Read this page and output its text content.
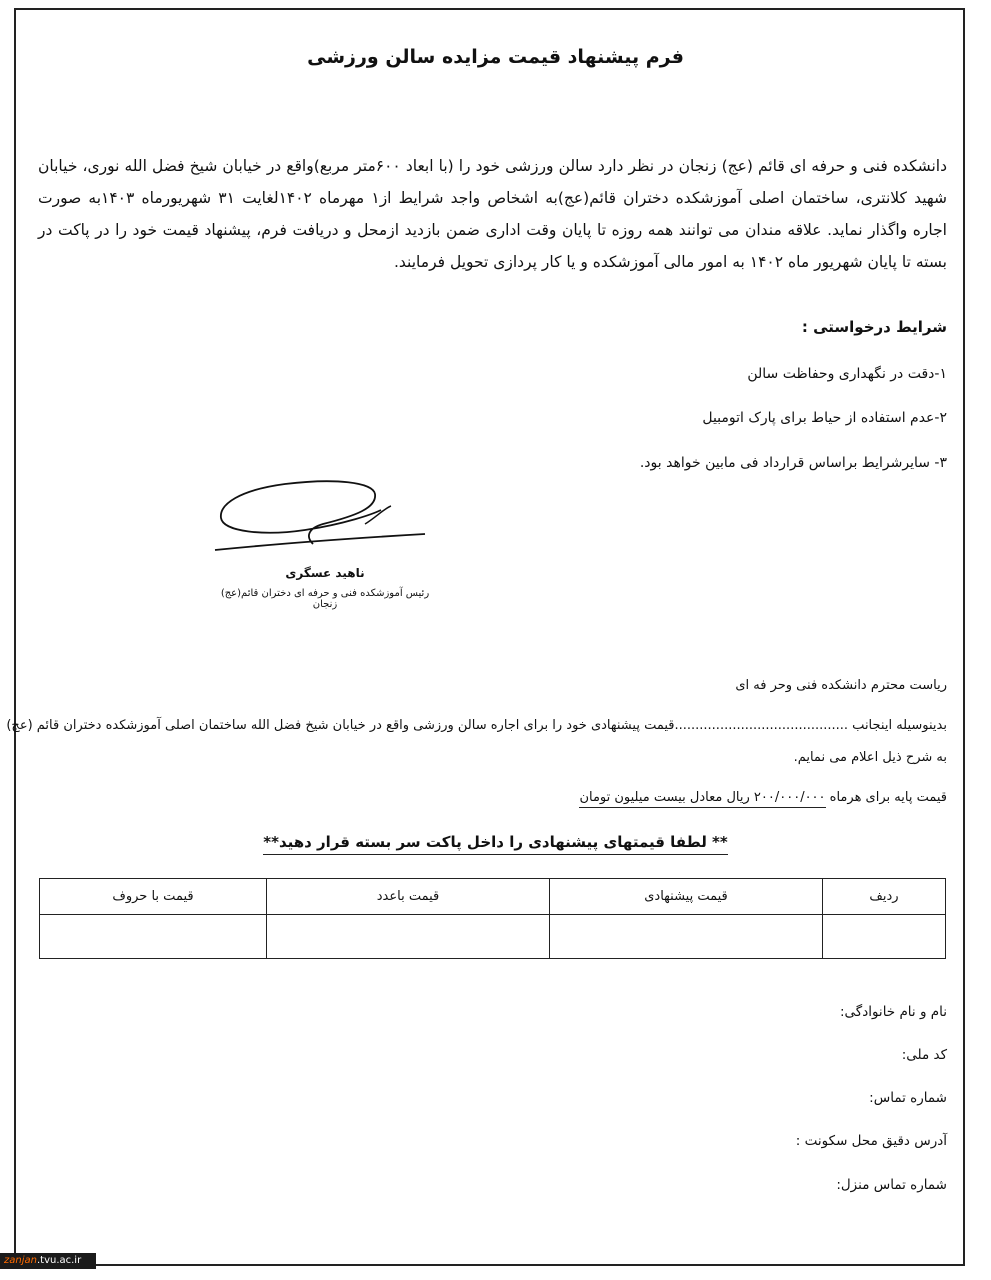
فرم پیشنهاد قیمت مزایده سالن ورزشی
دانشکده فنی و حرفه ای قائم (عج) زنجان در نظر دارد سالن ورزشی خود را (با ابعاد ۶۰۰متر مربع)واقع در خیابان شیخ فضل الله نوری، خیابان شهید کلانتری، ساختمان اصلی آموزشکده دختران قائم(عج)به اشخاص واجد شرایط از۱ مهرماه ۱۴۰۲لغایت ۳۱ شهریورماه ۱۴۰۳به صورت اجاره واگذار نماید. علاقه مندان می توانند همه روزه تا پایان وقت اداری ضمن بازدید ازمحل و دریافت فرم، پیشنهاد قیمت خود را در پاکت در بسته تا پایان شهریور ماه ۱۴۰۲ به امور مالی آموزشکده و یا کار پردازی تحویل فرمایند.
شرایط درخواستی :
۱-دقت در نگهداری وحفاظت سالن
۲-عدم استفاده از حیاط برای پارک اتومبیل
۳- سایرشرایط براساس قرارداد فی مابین خواهد بود.
ناهید عسگری
رئیس آموزشکده فنی و حرفه ای دختران قائم(عج) زنجان
ریاست محترم دانشکده فنی وحر فه ای
بدینوسیله اینجانب ..........................................قیمت پیشنهادی خود را برای اجاره سالن ورزشی واقع در خیابان شیخ فضل الله ساختمان اصلی آموزشکده دختران قائم (عج)
به شرح ذیل اعلام می نمایم.
قیمت پایه برای هرماه ۲۰۰/۰۰۰/۰۰۰ ریال معادل بیست میلیون تومان
** لطفا قیمتهای پیشنهادی را داخل پاکت سر بسته قرار دهید**
ردیف	قیمت پیشنهادی	قیمت باعدد	قیمت با حروف

نام و نام خانوادگی:
کد ملی:
شماره تماس:
آدرس دقیق محل سکونت :
شماره تماس منزل:
zanjan.tvu.ac.ir
